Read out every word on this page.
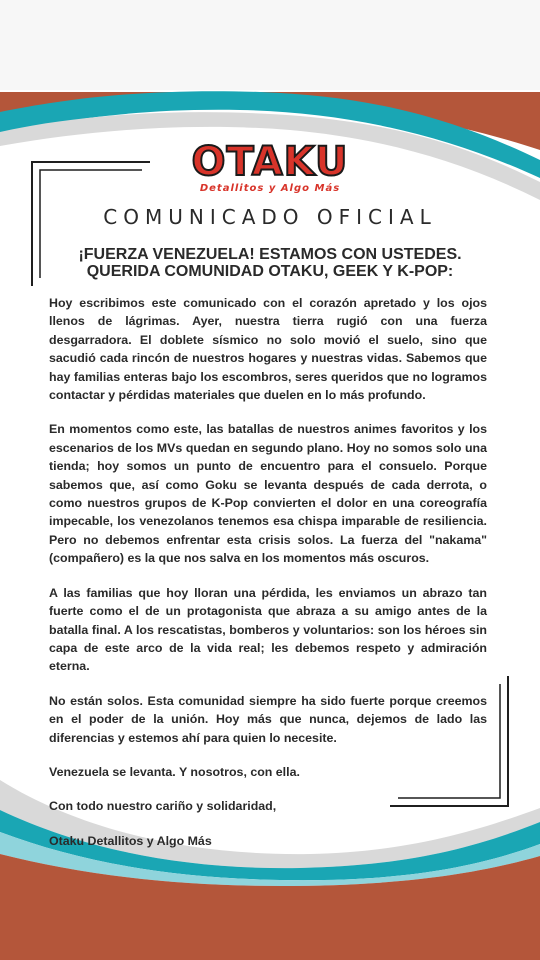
OTAKU
Detallitos y Algo Más
COMUNICADO OFICIAL
¡FUERZA VENEZUELA! ESTAMOS CON USTEDES.
QUERIDA COMUNIDAD OTAKU, GEEK Y K-POP:

Hoy escribimos este comunicado con el corazón apretado y los ojos llenos de lágrimas. Ayer, nuestra tierra rugió con una fuerza desgarradora. El doblete sísmico no solo movió el suelo, sino que sacudió cada rincón de nuestros hogares y nuestras vidas. Sabemos que hay familias enteras bajo los escombros, seres queridos que no logramos contactar y pérdidas materiales que duelen en lo más profundo.

En momentos como este, las batallas de nuestros animes favoritos y los escenarios de los MVs quedan en segundo plano. Hoy no somos solo una tienda; hoy somos un punto de encuentro para el consuelo. Porque sabemos que, así como Goku se levanta después de cada derrota, o como nuestros grupos de K-Pop convierten el dolor en una coreografía impecable, los venezolanos tenemos esa chispa imparable de resiliencia. Pero no debemos enfrentar esta crisis solos. La fuerza del "nakama" (compañero) es la que nos salva en los momentos más oscuros.

A las familias que hoy lloran una pérdida, les enviamos un abrazo tan fuerte como el de un protagonista que abraza a su amigo antes de la batalla final. A los rescatistas, bomberos y voluntarios: son los héroes sin capa de este arco de la vida real; les debemos respeto y admiración eterna.

No están solos. Esta comunidad siempre ha sido fuerte porque creemos en el poder de la unión. Hoy más que nunca, dejemos de lado las diferencias y estemos ahí para quien lo necesite.

Venezuela se levanta. Y nosotros, con ella.

Con todo nuestro cariño y solidaridad,

Otaku Detallitos y Algo Más
